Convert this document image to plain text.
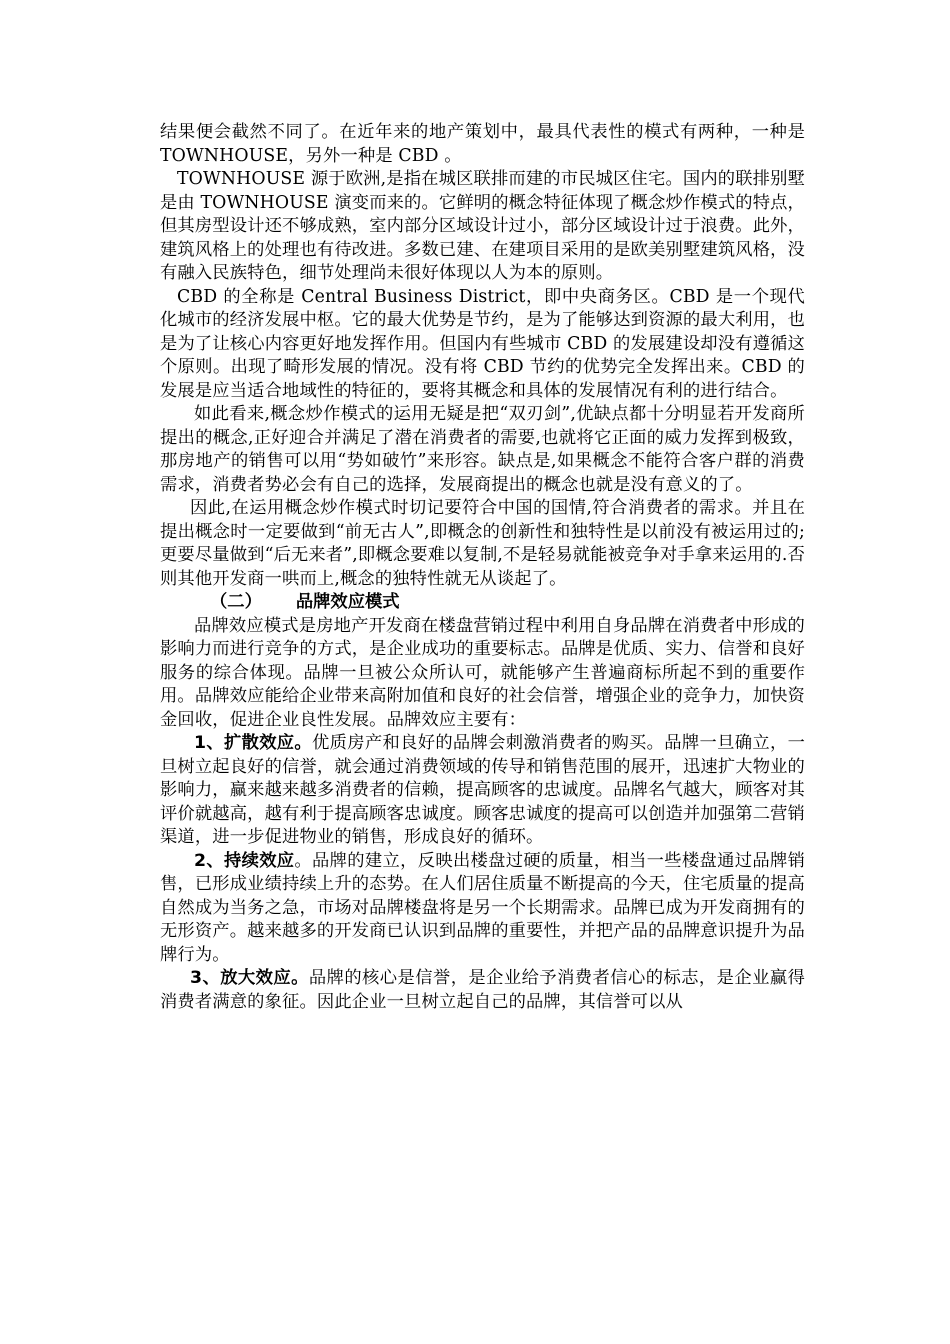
结果便会截然不同了。在近年来的地产策划中，最具代表性的模式有两种，一种是 TOWNHOUSE，另外一种是 CBD 。

TOWNHOUSE 源于欧洲,是指在城区联排而建的市民城区住宅。国内的联排别墅是由 TOWNHOUSE 演变而来的。它鲜明的概念特征体现了概念炒作模式的特点，但其房型设计还不够成熟，室内部分区域设计过小，部分区域设计过于浪费。此外，建筑风格上的处理也有待改进。多数已建、在建项目采用的是欧美别墅建筑风格，没有融入民族特色，细节处理尚未很好体现以人为本的原则。

CBD 的全称是 Central Business District，即中央商务区。CBD 是一个现代化城市的经济发展中枢。它的最大优势是节约，是为了能够达到资源的最大利用，也是为了让核心内容更好地发挥作用。但国内有些城市 CBD 的发展建设却没有遵循这个原则。出现了畸形发展的情况。没有将 CBD 节约的优势完全发挥出来。CBD 的发展是应当适合地域性的特征的，要将其概念和具体的发展情况有利的进行结合。

如此看来,概念炒作模式的运用无疑是把“双刃剑”,优缺点都十分明显若开发商所提出的概念,正好迎合并满足了潜在消费者的需要,也就将它正面的威力发挥到极致，那房地产的销售可以用“势如破竹”来形容。缺点是,如果概念不能符合客户群的消费需求，消费者势必会有自己的选择，发展商提出的概念也就是没有意义的了。

因此,在运用概念炒作模式时切记要符合中国的国情,符合消费者的需求。并且在提出概念时一定要做到“前无古人”,即概念的创新性和独特性是以前没有被运用过的; 更要尽量做到“后无来者”,即概念要难以复制,不是轻易就能被竞争对手拿来运用的.否则其他开发商一哄而上,概念的独特性就无从谈起了。

（二） 品牌效应模式

品牌效应模式是房地产开发商在楼盘营销过程中利用自身品牌在消费者中形成的影响力而进行竞争的方式，是企业成功的重要标志。品牌是优质、实力、信誉和良好服务的综合体现。品牌一旦被公众所认可，就能够产生普遍商标所起不到的重要作用。品牌效应能给企业带来高附加值和良好的社会信誉，增强企业的竞争力，加快资金回收，促进企业良性发展。品牌效应主要有：

1、扩散效应。优质房产和良好的品牌会刺激消费者的购买。品牌一旦确立，一旦树立起良好的信誉，就会通过消费领域的传导和销售范围的展开，迅速扩大物业的影响力，赢来越来越多消费者的信赖，提高顾客的忠诚度。品牌名气越大，顾客对其评价就越高，越有利于提高顾客忠诚度。顾客忠诚度的提高可以创造并加强第二营销渠道，进一步促进物业的销售，形成良好的循环。

2、持续效应。品牌的建立，反映出楼盘过硬的质量，相当一些楼盘通过品牌销售，已形成业绩持续上升的态势。在人们居住质量不断提高的今天，住宅质量的提高自然成为当务之急，市场对品牌楼盘将是另一个长期需求。品牌已成为开发商拥有的无形资产。越来越多的开发商已认识到品牌的重要性，并把产品的品牌意识提升为品牌行为。

3、放大效应。品牌的核心是信誉，是企业给予消费者信心的标志，是企业赢得消费者满意的象征。因此企业一旦树立起自己的品牌，其信誉可以从
